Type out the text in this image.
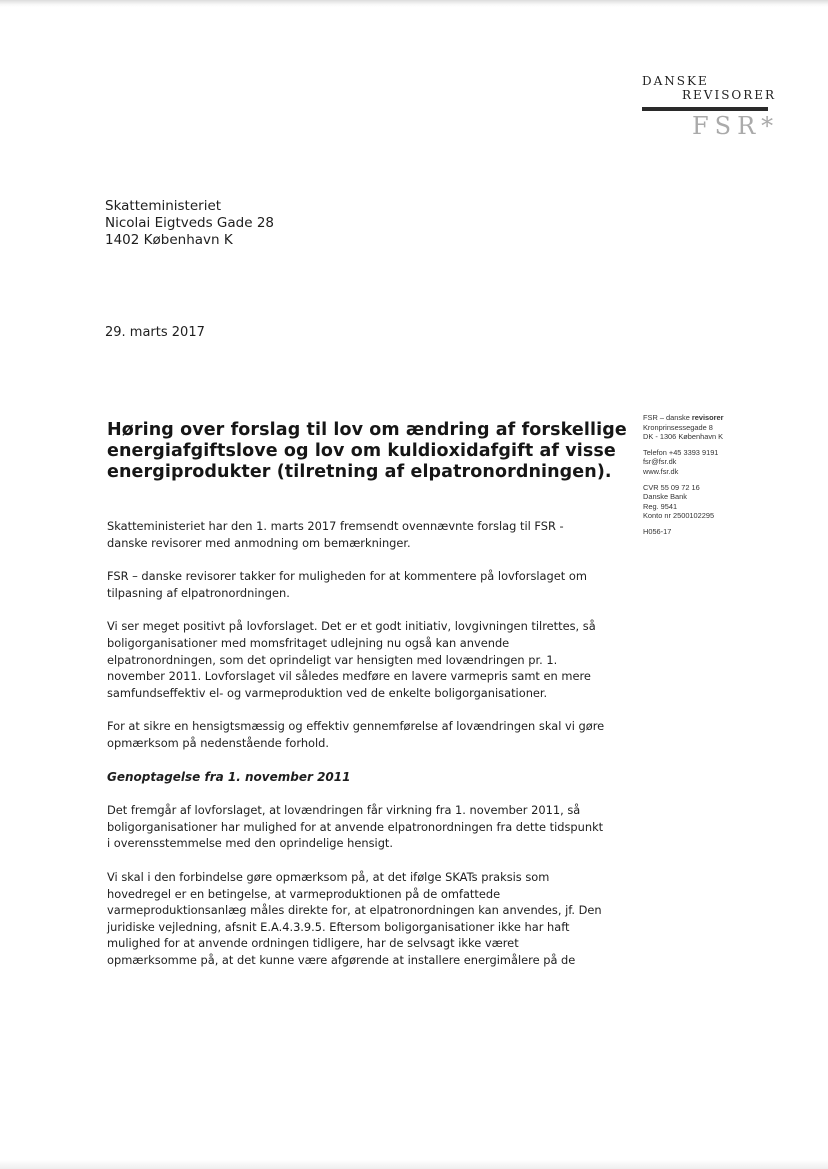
DANSKE
REVISORER
FSR*
Skatteministeriet
Nicolai Eigtveds Gade 28
1402 København K
29. marts 2017
Høring over forslag til lov om ændring af forskellige energiafgiftslove og lov om kuldioxidafgift af visse energiprodukter (tilretning af elpatronordningen).
FSR – danske revisorer
Kronprinsessegade 8
DK - 1306 København K
Telefon +45 3393 9191
fsr@fsr.dk
www.fsr.dk
CVR 55 09 72 16
Danske Bank
Reg. 9541
Konto nr 2500102295
H056-17

Skatteministeriet har den 1. marts 2017 fremsendt ovennævnte forslag til FSR - danske revisorer med anmodning om bemærkninger.

FSR – danske revisorer takker for muligheden for at kommentere på lovforslaget om tilpasning af elpatronordningen.

Vi ser meget positivt på lovforslaget. Det er et godt initiativ, lovgivningen tilrettes, så boligorganisationer med momsfritaget udlejning nu også kan anvende elpatronordningen, som det oprindeligt var hensigten med lovændringen pr. 1. november 2011. Lovforslaget vil således medføre en lavere varmepris samt en mere samfundseffektiv el- og varmeproduktion ved de enkelte boligorganisationer.

For at sikre en hensigtsmæssig og effektiv gennemførelse af lovændringen skal vi gøre opmærksom på nedenstående forhold.

Genoptagelse fra 1. november 2011

Det fremgår af lovforslaget, at lovændringen får virkning fra 1. november 2011, så boligorganisationer har mulighed for at anvende elpatronordningen fra dette tidspunkt i overensstemmelse med den oprindelige hensigt.

Vi skal i den forbindelse gøre opmærksom på, at det ifølge SKATs praksis som hovedregel er en betingelse, at varmeproduktionen på de omfattede varmeproduktionsanlæg måles direkte for, at elpatronordningen kan anvendes, jf. Den juridiske vejledning, afsnit E.A.4.3.9.5. Eftersom boligorganisationer ikke har haft mulighed for at anvende ordningen tidligere, har de selvsagt ikke været opmærksomme på, at det kunne være afgørende at installere energimålere på de
